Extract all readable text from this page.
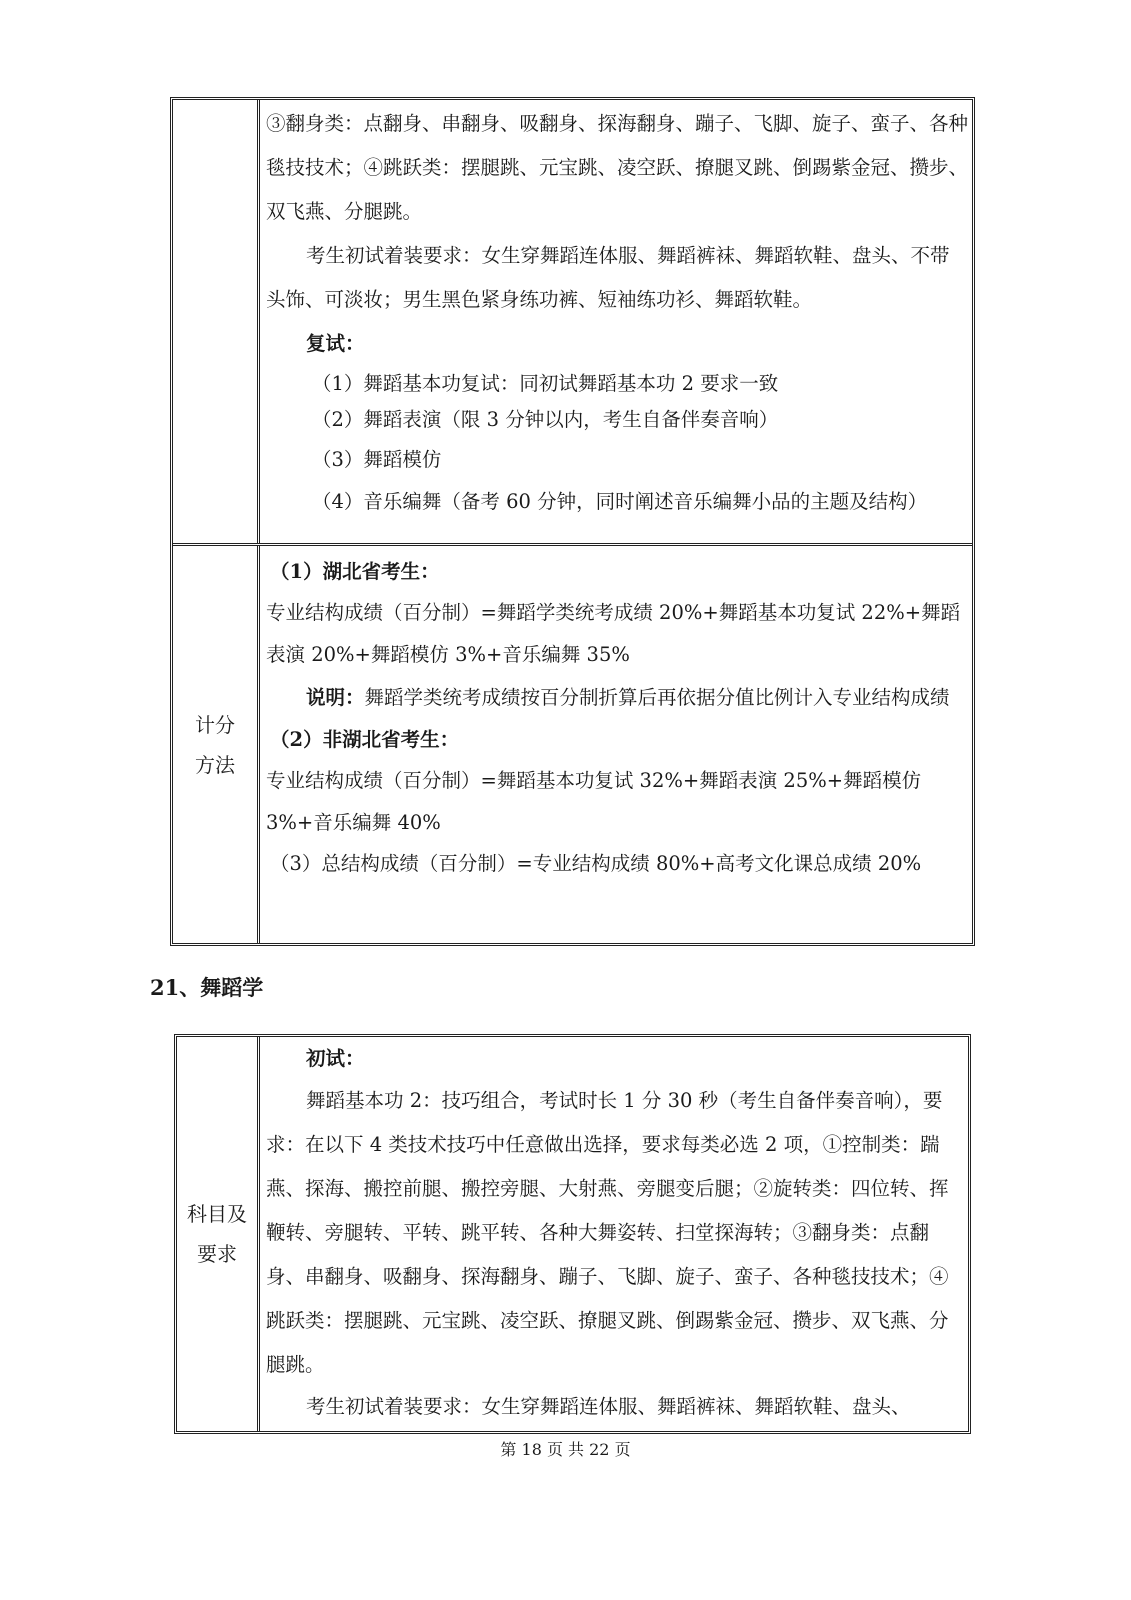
③翻身类：点翻身、串翻身、吸翻身、探海翻身、蹦子、飞脚、旋子、蛮子、各种毯技技术；④跳跃类：摆腿跳、元宝跳、凌空跃、撩腿叉跳、倒踢紫金冠、攒步、双飞燕、分腿跳。

考生初试着装要求：女生穿舞蹈连体服、舞蹈裤袜、舞蹈软鞋、盘头、不带头饰、可淡妆；男生黑色紧身练功裤、短袖练功衫、舞蹈软鞋。

复试：

（1）舞蹈基本功复试：同初试舞蹈基本功 2 要求一致

（2）舞蹈表演（限 3 分钟以内，考生自备伴奏音响）

（3）舞蹈模仿

（4）音乐编舞（备考 60 分钟，同时阐述音乐编舞小品的主题及结构）

计分
方法

（1）湖北省考生：

专业结构成绩（百分制）=舞蹈学类统考成绩 20%+舞蹈基本功复试 22%+舞蹈表演 20%+舞蹈模仿 3%+音乐编舞 35%

说明：舞蹈学类统考成绩按百分制折算后再依据分值比例计入专业结构成绩

（2）非湖北省考生：

专业结构成绩（百分制）=舞蹈基本功复试 32%+舞蹈表演 25%+舞蹈模仿 3%+音乐编舞 40%

（3）总结构成绩（百分制）=专业结构成绩 80%+高考文化课总成绩 20%

21、舞蹈学
科目及
要求

初试：

舞蹈基本功 2：技巧组合，考试时长 1 分 30 秒（考生自备伴奏音响），要求：在以下 4 类技术技巧中任意做出选择，要求每类必选 2 项，①控制类：踹燕、探海、搬控前腿、搬控旁腿、大射燕、旁腿变后腿；②旋转类：四位转、挥鞭转、旁腿转、平转、跳平转、各种大舞姿转、扫堂探海转；③翻身类：点翻身、串翻身、吸翻身、探海翻身、蹦子、飞脚、旋子、蛮子、各种毯技技术；④跳跃类：摆腿跳、元宝跳、凌空跃、撩腿叉跳、倒踢紫金冠、攒步、双飞燕、分腿跳。

考生初试着装要求：女生穿舞蹈连体服、舞蹈裤袜、舞蹈软鞋、盘头、

第 18 页 共 22 页
